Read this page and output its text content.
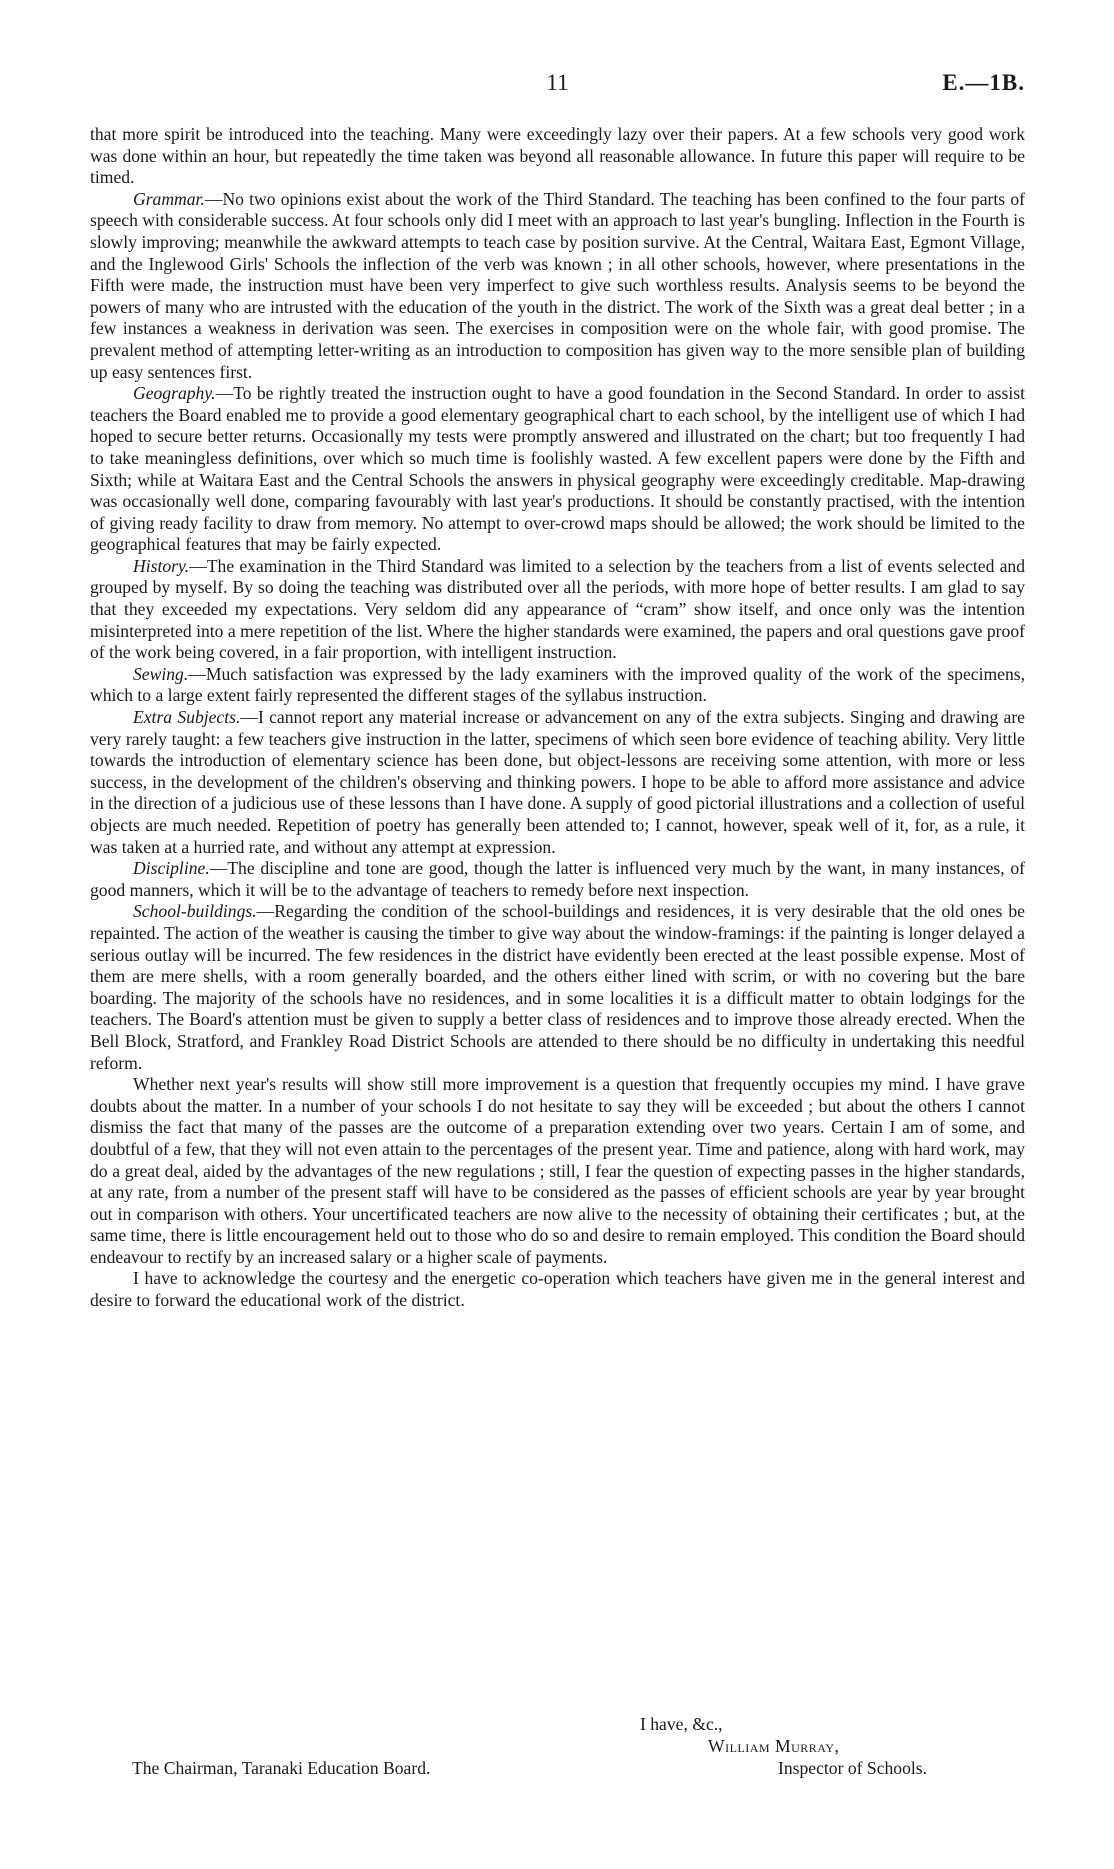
11	E.—1B.

that more spirit be introduced into the teaching. Many were exceedingly lazy over their papers. At a few schools very good work was done within an hour, but repeatedly the time taken was beyond all reasonable allowance. In future this paper will require to be timed.

Grammar.—No two opinions exist about the work of the Third Standard. The teaching has been confined to the four parts of speech with considerable success. At four schools only did I meet with an approach to last year's bungling. Inflection in the Fourth is slowly improving; meanwhile the awkward attempts to teach case by position survive. At the Central, Waitara East, Egmont Village, and the Inglewood Girls' Schools the inflection of the verb was known ; in all other schools, however, where presentations in the Fifth were made, the instruction must have been very imperfect to give such worthless results. Analysis seems to be beyond the powers of many who are intrusted with the education of the youth in the district. The work of the Sixth was a great deal better ; in a few instances a weakness in derivation was seen. The exercises in composition were on the whole fair, with good promise. The prevalent method of attempting letter-writing as an introduction to composition has given way to the more sensible plan of building up easy sentences first.

Geography.—To be rightly treated the instruction ought to have a good foundation in the Second Standard. In order to assist teachers the Board enabled me to provide a good elementary geographical chart to each school, by the intelligent use of which I had hoped to secure better returns. Occasionally my tests were promptly answered and illustrated on the chart; but too frequently I had to take meaningless definitions, over which so much time is foolishly wasted. A few excellent papers were done by the Fifth and Sixth; while at Waitara East and the Central Schools the answers in physical geography were exceedingly creditable. Map-drawing was occasionally well done, comparing favourably with last year's productions. It should be constantly practised, with the intention of giving ready facility to draw from memory. No attempt to over-crowd maps should be allowed; the work should be limited to the geographical features that may be fairly expected.

History.—The examination in the Third Standard was limited to a selection by the teachers from a list of events selected and grouped by myself. By so doing the teaching was distributed over all the periods, with more hope of better results. I am glad to say that they exceeded my expectations. Very seldom did any appearance of “cram” show itself, and once only was the intention misinterpreted into a mere repetition of the list. Where the higher standards were examined, the papers and oral questions gave proof of the work being covered, in a fair proportion, with intelligent instruction.

Sewing.—Much satisfaction was expressed by the lady examiners with the improved quality of the work of the specimens, which to a large extent fairly represented the different stages of the syllabus instruction.

Extra Subjects.—I cannot report any material increase or advancement on any of the extra subjects. Singing and drawing are very rarely taught: a few teachers give instruction in the latter, specimens of which seen bore evidence of teaching ability. Very little towards the introduction of elementary science has been done, but object-lessons are receiving some attention, with more or less success, in the development of the children's observing and thinking powers. I hope to be able to afford more assistance and advice in the direction of a judicious use of these lessons than I have done. A supply of good pictorial illustrations and a collection of useful objects are much needed. Repetition of poetry has generally been attended to; I cannot, however, speak well of it, for, as a rule, it was taken at a hurried rate, and without any attempt at expression.

Discipline.—The discipline and tone are good, though the latter is influenced very much by the want, in many instances, of good manners, which it will be to the advantage of teachers to remedy before next inspection.

School-buildings.—Regarding the condition of the school-buildings and residences, it is very desirable that the old ones be repainted. The action of the weather is causing the timber to give way about the window-framings: if the painting is longer delayed a serious outlay will be incurred. The few residences in the district have evidently been erected at the least possible expense. Most of them are mere shells, with a room generally boarded, and the others either lined with scrim, or with no covering but the bare boarding. The majority of the schools have no residences, and in some localities it is a difficult matter to obtain lodgings for the teachers. The Board's attention must be given to supply a better class of residences and to improve those already erected. When the Bell Block, Stratford, and Frankley Road District Schools are attended to there should be no difficulty in undertaking this needful reform.

Whether next year's results will show still more improvement is a question that frequently occupies my mind. I have grave doubts about the matter. In a number of your schools I do not hesitate to say they will be exceeded ; but about the others I cannot dismiss the fact that many of the passes are the outcome of a preparation extending over two years. Certain I am of some, and doubtful of a few, that they will not even attain to the percentages of the present year. Time and patience, along with hard work, may do a great deal, aided by the advantages of the new regulations ; still, I fear the question of expecting passes in the higher standards, at any rate, from a number of the present staff will have to be considered as the passes of efficient schools are year by year brought out in comparison with others. Your uncertificated teachers are now alive to the necessity of obtaining their certificates ; but, at the same time, there is little encouragement held out to those who do so and desire to remain employed. This condition the Board should endeavour to rectify by an increased salary or a higher scale of payments.

I have to acknowledge the courtesy and the energetic co-operation which teachers have given me in the general interest and desire to forward the educational work of the district.

I have, &c.,
William Murray,
The Chairman, Taranaki Education Board.	Inspector of Schools.
